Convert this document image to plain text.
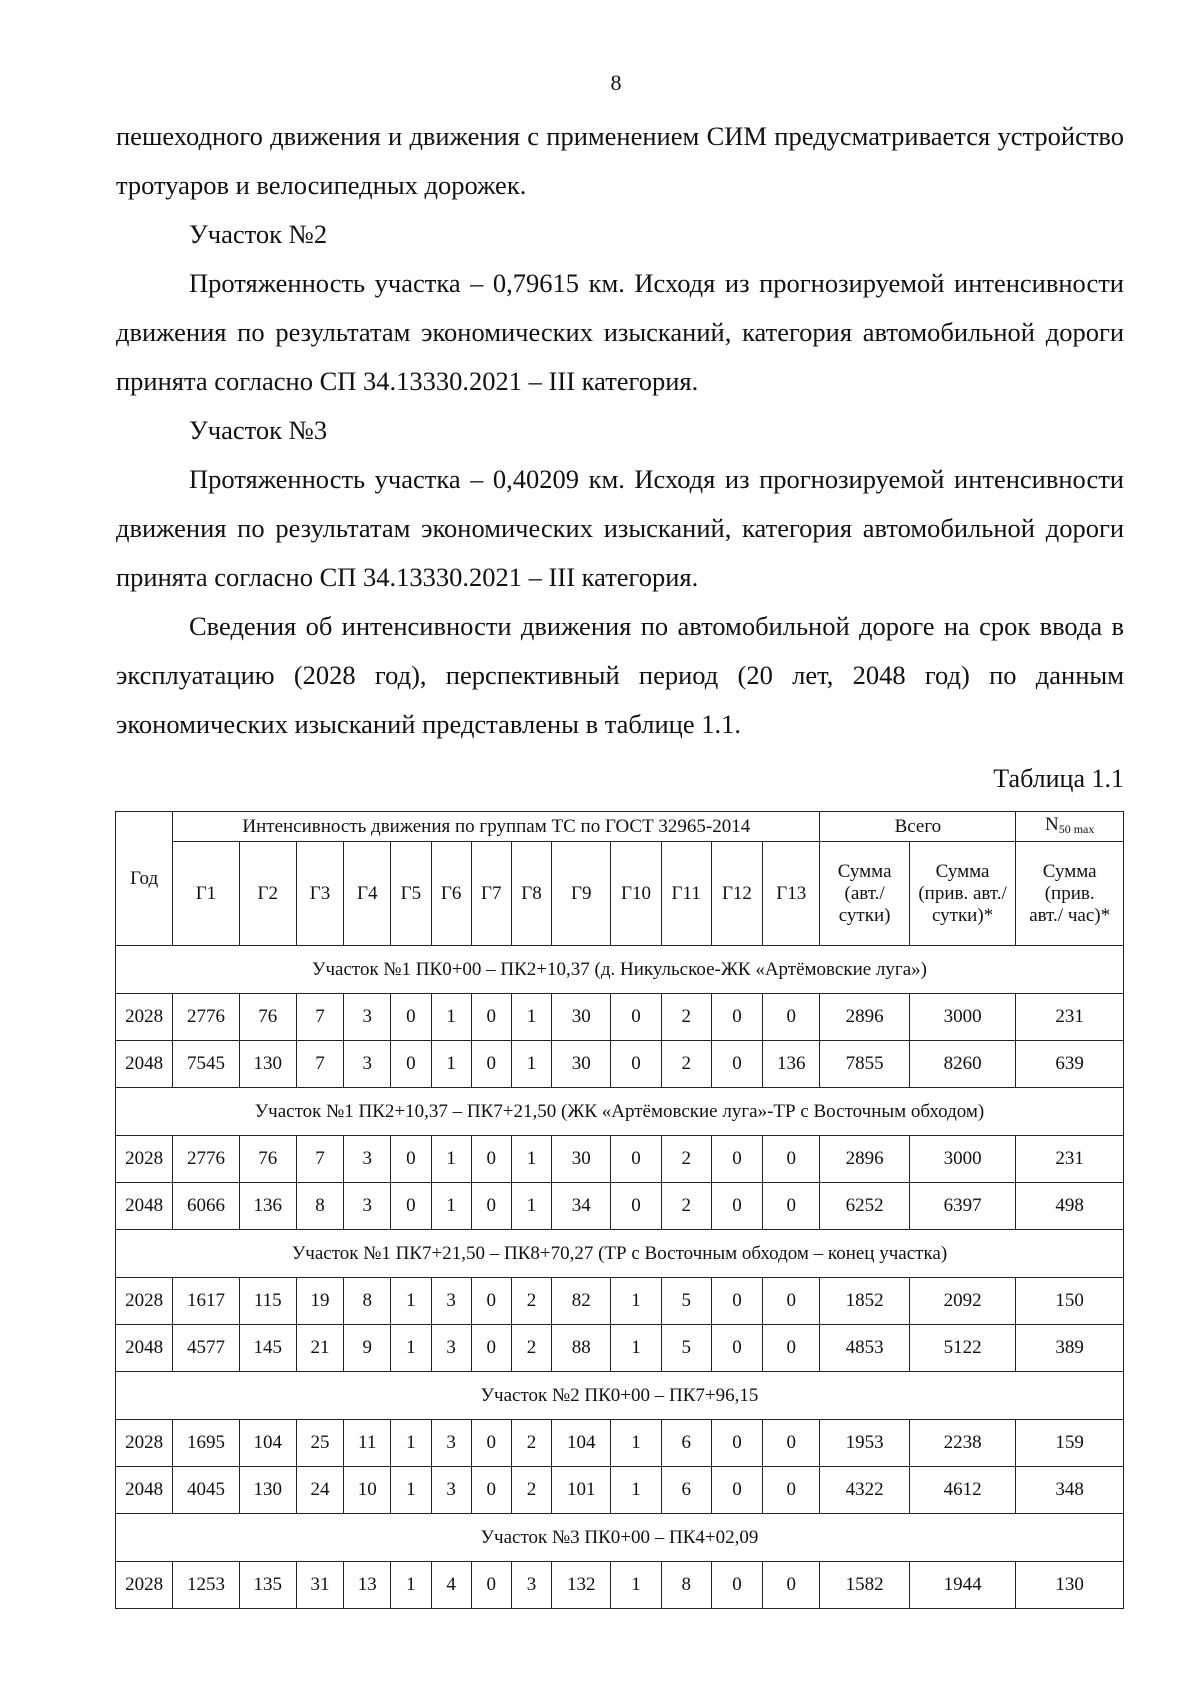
8

пешеходного движения и движения с применением СИМ предусматривается устройство тротуаров и велосипедных дорожек.

Участок №2

Протяженность участка – 0,79615 км. Исходя из прогнозируемой интенсивности движения по результатам экономических изысканий, категория автомобильной дороги принята согласно СП 34.13330.2021 – III категория.

Участок №3

Протяженность участка – 0,40209 км. Исходя из прогнозируемой интенсивности движения по результатам экономических изысканий, категория автомобильной дороги принята согласно СП 34.13330.2021 – III категория.

Сведения об интенсивности движения по автомобильной дороге на срок ввода в эксплуатацию (2028 год), перспективный период (20 лет, 2048 год) по данным экономических изысканий представлены в таблице 1.1.

Таблица 1.1
Год	Интенсивность движения по группам ТС по ГОСТ 32965-2014													Всего		$N_{50 max}$
	Г1	Г2	Г3	Г4	Г5	Г6	Г7	Г8	Г9	Г10	Г11	Г12	Г13	Сумма (авт./ сутки)	Сумма (прив. авт./ сутки)*	Сумма (прив. авт./ час)*
Участок №1 ПК0+00 – ПК2+10,37 (д. Никульское-ЖК «Артёмовские луга»)																
2028	2776	76	7	3	0	1	0	1	30	0	2	0	0	2896	3000	231
2048	7545	130	7	3	0	1	0	1	30	0	2	0	136	7855	8260	639
Участок №1 ПК2+10,37 – ПК7+21,50 (ЖК «Артёмовские луга»-ТР с Восточным обходом)																
2028	2776	76	7	3	0	1	0	1	30	0	2	0	0	2896	3000	231
2048	6066	136	8	3	0	1	0	1	34	0	2	0	0	6252	6397	498
Участок №1 ПК7+21,50 – ПК8+70,27 (ТР с Восточным обходом – конец участка)																
2028	1617	115	19	8	1	3	0	2	82	1	5	0	0	1852	2092	150
2048	4577	145	21	9	1	3	0	2	88	1	5	0	0	4853	5122	389
Участок №2 ПК0+00 – ПК7+96,15																
2028	1695	104	25	11	1	3	0	2	104	1	6	0	0	1953	2238	159
2048	4045	130	24	10	1	3	0	2	101	1	6	0	0	4322	4612	348
Участок №3 ПК0+00 – ПК4+02,09																
2028	1253	135	31	13	1	4	0	3	132	1	8	0	0	1582	1944	130
